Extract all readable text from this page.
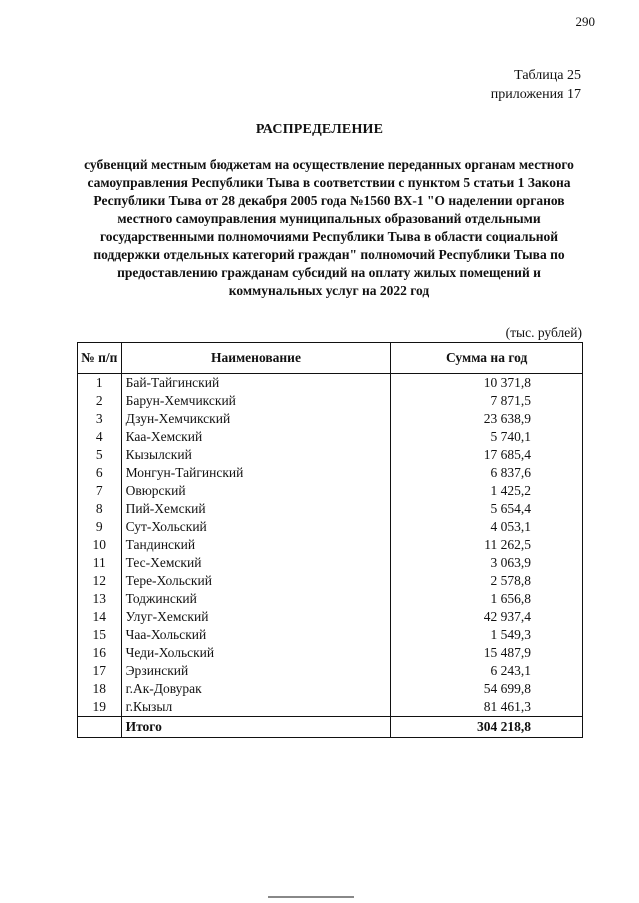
290
Таблица 25
приложения 17
РАСПРЕДЕЛЕНИЕ
субвенций местным бюджетам на осуществление переданных органам местного самоуправления Республики Тыва в соответствии с пунктом 5 статьи 1 Закона Республики Тыва от 28 декабря 2005 года №1560 ВХ-1 "О наделении органов местного самоуправления муниципальных образований отдельными государственными полномочиями Республики Тыва в области социальной поддержки отдельных категорий граждан" полномочий Республики Тыва по предоставлению гражданам субсидий на оплату жилых помещений и коммунальных услуг на 2022 год
(тыс. рублей)
№ п/п	Наименование	Сумма на год
1	Бай-Тайгинский	10 371,8
2	Барун-Хемчикский	7 871,5
3	Дзун-Хемчикский	23 638,9
4	Каа-Хемский	5 740,1
5	Кызылский	17 685,4
6	Монгун-Тайгинский	6 837,6
7	Овюрский	1 425,2
8	Пий-Хемский	5 654,4
9	Сут-Хольский	4 053,1
10	Тандинский	11 262,5
11	Тес-Хемский	3 063,9
12	Тере-Хольский	2 578,8
13	Тоджинский	1 656,8
14	Улуг-Хемский	42 937,4
15	Чаа-Хольский	1 549,3
16	Чеди-Хольский	15 487,9
17	Эрзинский	6 243,1
18	г.Ак-Довурак	54 699,8
19	г.Кызыл	81 461,3
	Итого	304 218,8
